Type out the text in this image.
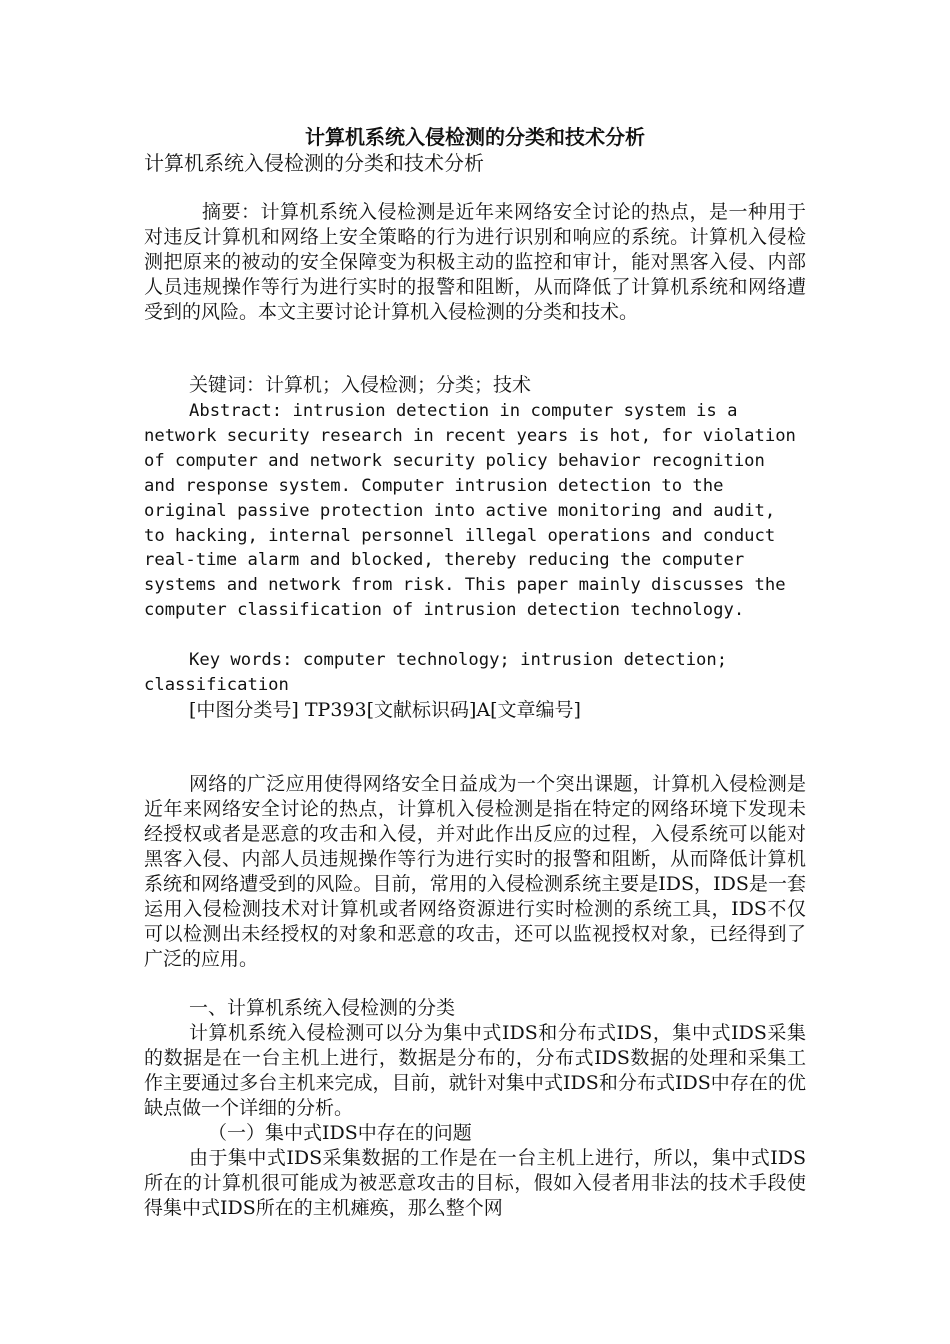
计算机系统入侵检测的分类和技术分析

计算机系统入侵检测的分类和技术分析

摘要：计算机系统入侵检测是近年来网络安全讨论的热点，是一种用于对违反计算机和网络上安全策略的行为进行识别和响应的系统。计算机入侵检测把原来的被动的安全保障变为积极主动的监控和审计，能对黑客入侵、内部人员违规操作等行为进行实时的报警和阻断，从而降低了计算机系统和网络遭受到的风险。本文主要讨论计算机入侵检测的分类和技术。

关键词：计算机；入侵检测；分类；技术

Abstract: intrusion detection in computer system is a network security research in recent years is hot, for violation of computer and network security policy behavior recognition and response system. Computer intrusion detection to the original passive protection into active monitoring and audit, to hacking, internal personnel illegal operations and conduct real-time alarm and blocked, thereby reducing the computer systems and network from risk. This paper mainly discusses the computer classification of intrusion detection technology.

Key words: computer technology; intrusion detection; classification

[中图分类号] TP393[文献标识码]A[文章编号]

网络的广泛应用使得网络安全日益成为一个突出课题，计算机入侵检测是近年来网络安全讨论的热点，计算机入侵检测是指在特定的网络环境下发现未经授权或者是恶意的攻击和入侵，并对此作出反应的过程，入侵系统可以能对黑客入侵、内部人员违规操作等行为进行实时的报警和阻断，从而降低计算机系统和网络遭受到的风险。目前，常用的入侵检测系统主要是IDS，IDS是一套运用入侵检测技术对计算机或者网络资源进行实时检测的系统工具，IDS不仅可以检测出未经授权的对象和恶意的攻击，还可以监视授权对象，已经得到了广泛的应用。

一、计算机系统入侵检测的分类

计算机系统入侵检测可以分为集中式IDS和分布式IDS，集中式IDS采集的数据是在一台主机上进行，数据是分布的，分布式IDS数据的处理和采集工作主要通过多台主机来完成，目前，就针对集中式IDS和分布式IDS中存在的优缺点做一个详细的分析。

（一）集中式IDS中存在的问题

由于集中式IDS采集数据的工作是在一台主机上进行，所以，集中式IDS所在的计算机很可能成为被恶意攻击的目标，假如入侵者用非法的技术手段使得集中式IDS所在的主机瘫痪，那么整个网
